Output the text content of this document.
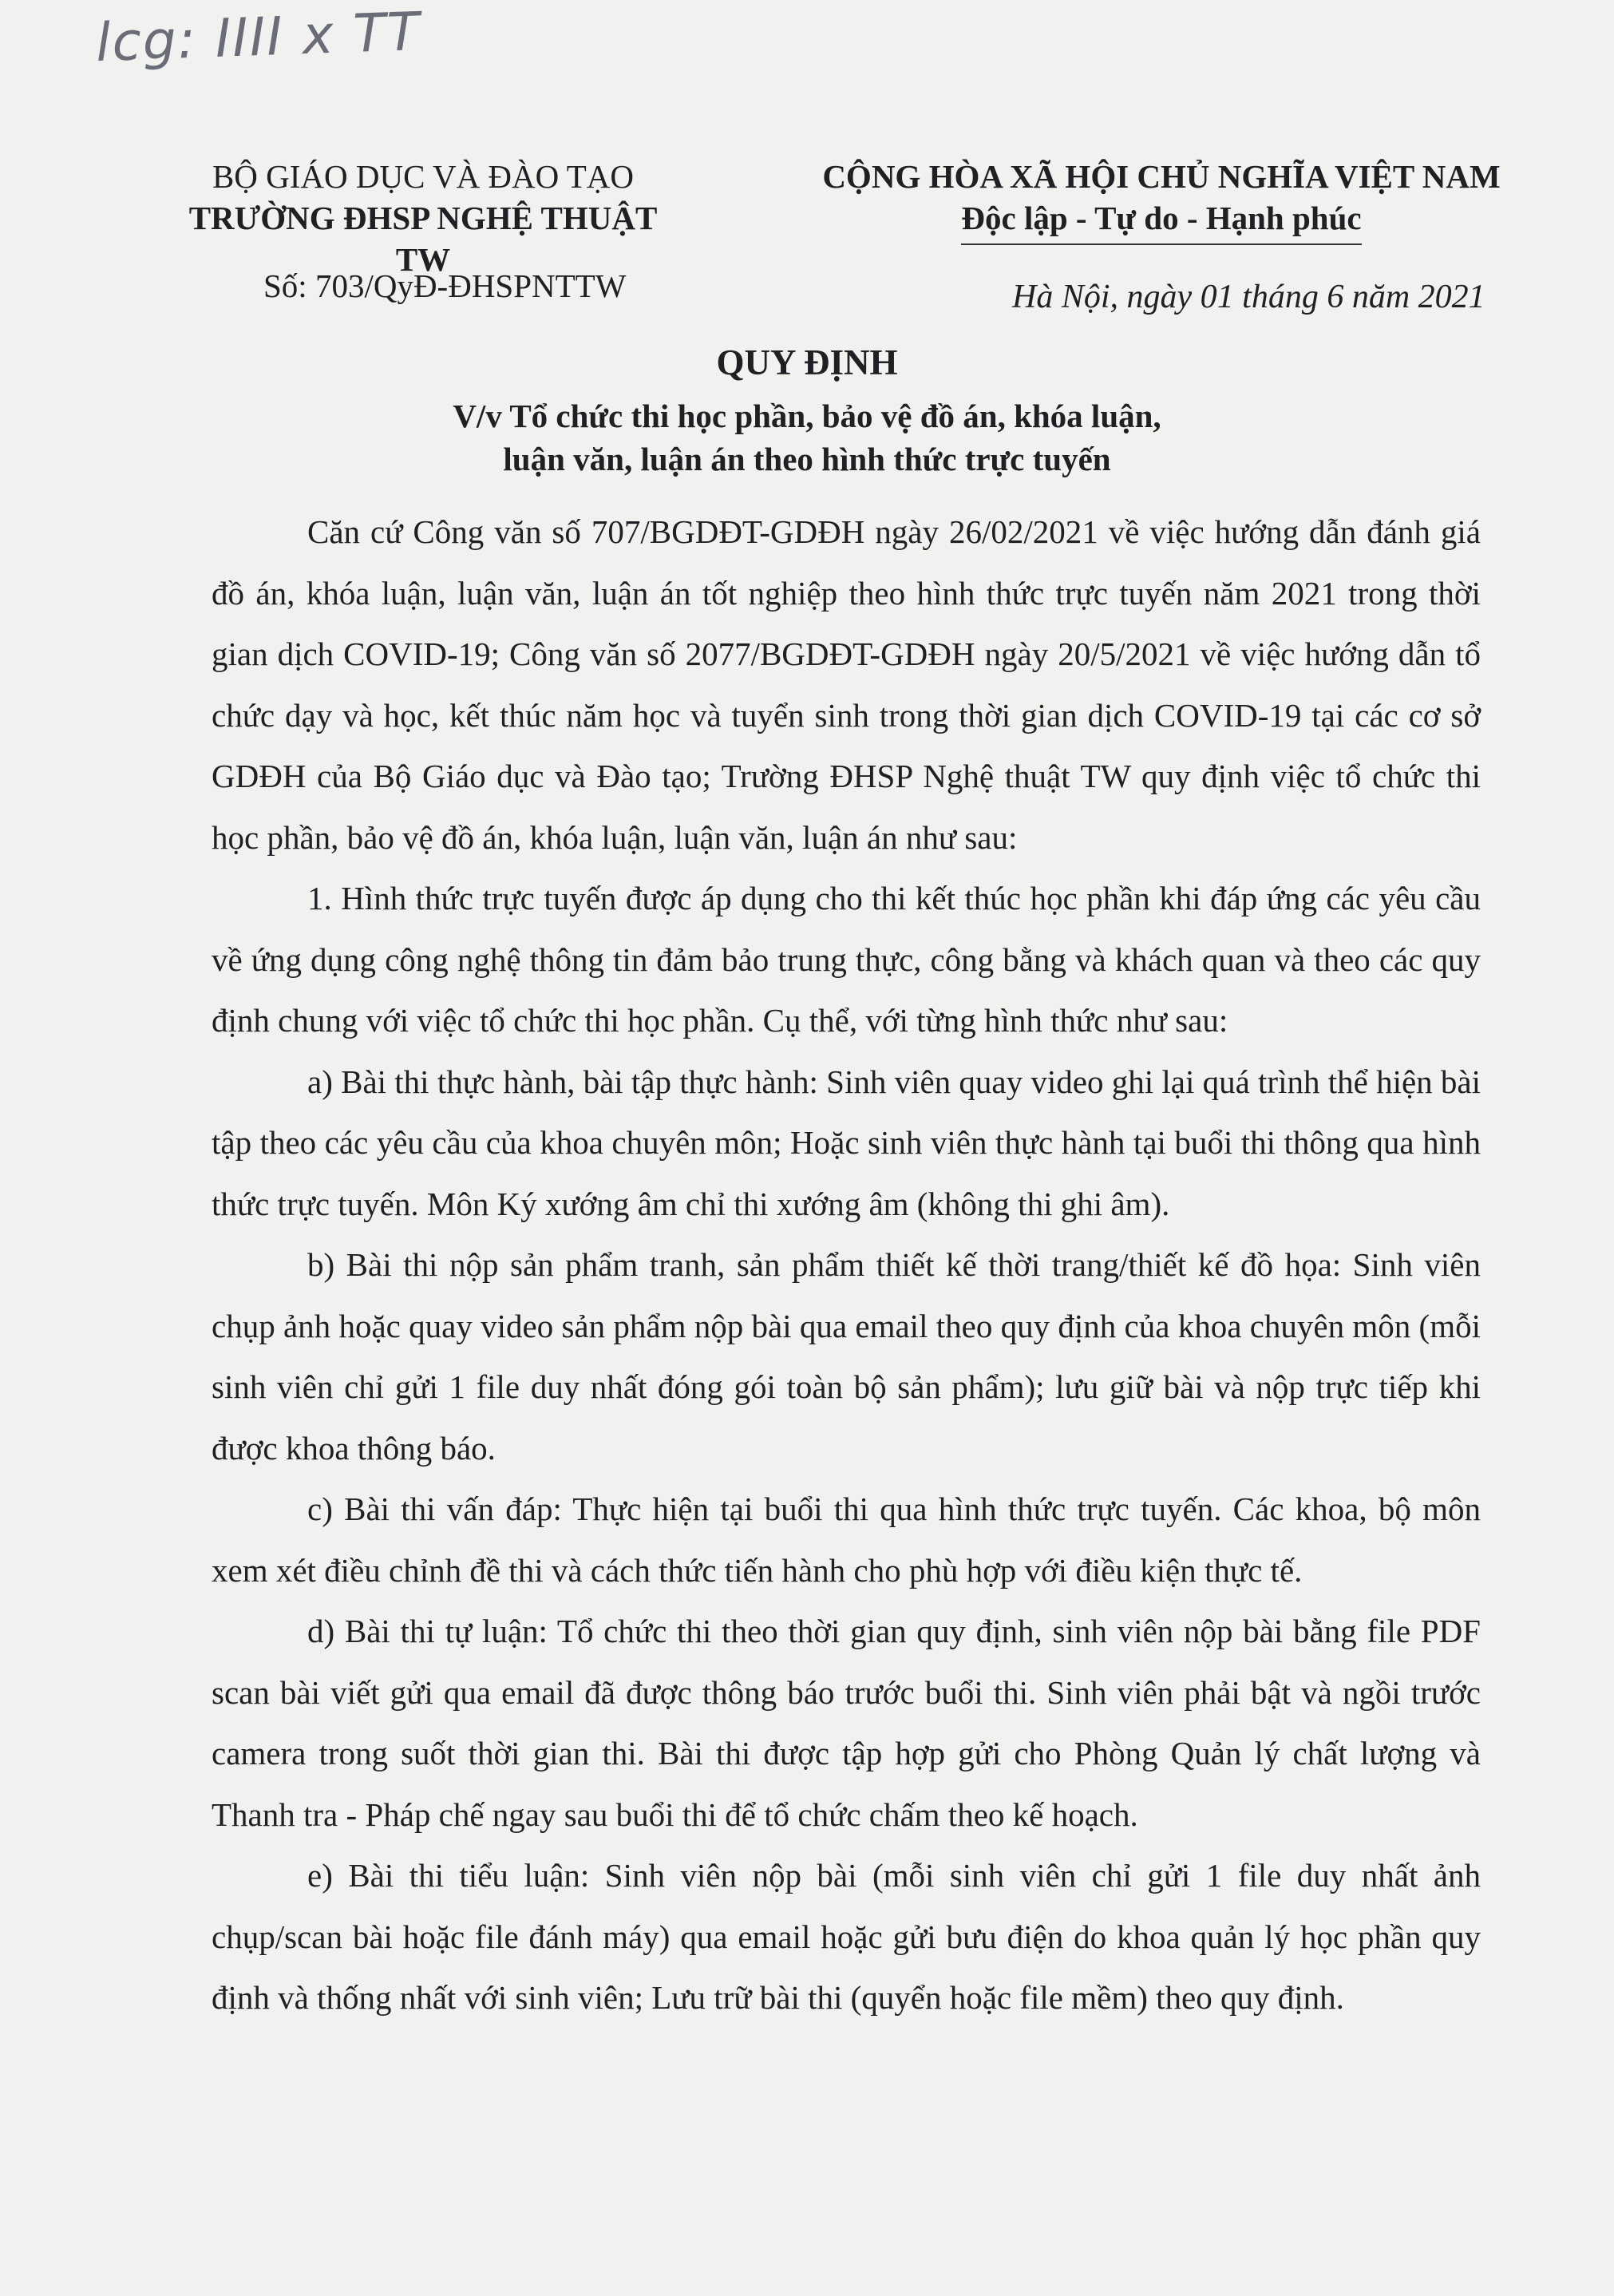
lcg: IIII x TT
BỘ GIÁO DỤC VÀ ĐÀO TẠO
TRƯỜNG ĐHSP NGHỆ THUẬT TW
CỘNG HÒA XÃ HỘI CHỦ NGHĨA VIỆT NAM
Độc lập - Tự do - Hạnh phúc
Số: 703/QyĐ-ĐHSPNTTW	Hà Nội, ngày 01 tháng 6 năm 2021
QUY ĐỊNH
V/v Tổ chức thi học phần, bảo vệ đồ án, khóa luận,
luận văn, luận án theo hình thức trực tuyến

Căn cứ Công văn số 707/BGDĐT-GDĐH ngày 26/02/2021 về việc hướng dẫn đánh giá đồ án, khóa luận, luận văn, luận án tốt nghiệp theo hình thức trực tuyến năm 2021 trong thời gian dịch COVID-19; Công văn số 2077/BGDĐT-GDĐH ngày 20/5/2021 về việc hướng dẫn tổ chức dạy và học, kết thúc năm học và tuyển sinh trong thời gian dịch COVID-19 tại các cơ sở GDĐH của Bộ Giáo dục và Đào tạo; Trường ĐHSP Nghệ thuật TW quy định việc tổ chức thi học phần, bảo vệ đồ án, khóa luận, luận văn, luận án như sau:

1. Hình thức trực tuyến được áp dụng cho thi kết thúc học phần khi đáp ứng các yêu cầu về ứng dụng công nghệ thông tin đảm bảo trung thực, công bằng và khách quan và theo các quy định chung với việc tổ chức thi học phần. Cụ thể, với từng hình thức như sau:

a) Bài thi thực hành, bài tập thực hành: Sinh viên quay video ghi lại quá trình thể hiện bài tập theo các yêu cầu của khoa chuyên môn; Hoặc sinh viên thực hành tại buổi thi thông qua hình thức trực tuyến. Môn Ký xướng âm chỉ thi xướng âm (không thi ghi âm).

b) Bài thi nộp sản phẩm tranh, sản phẩm thiết kế thời trang/thiết kế đồ họa: Sinh viên chụp ảnh hoặc quay video sản phẩm nộp bài qua email theo quy định của khoa chuyên môn (mỗi sinh viên chỉ gửi 1 file duy nhất đóng gói toàn bộ sản phẩm); lưu giữ bài và nộp trực tiếp khi được khoa thông báo.

c) Bài thi vấn đáp: Thực hiện tại buổi thi qua hình thức trực tuyến. Các khoa, bộ môn xem xét điều chỉnh đề thi và cách thức tiến hành cho phù hợp với điều kiện thực tế.

d) Bài thi tự luận: Tổ chức thi theo thời gian quy định, sinh viên nộp bài bằng file PDF scan bài viết gửi qua email đã được thông báo trước buổi thi. Sinh viên phải bật và ngồi trước camera trong suốt thời gian thi. Bài thi được tập hợp gửi cho Phòng Quản lý chất lượng và Thanh tra - Pháp chế ngay sau buổi thi để tổ chức chấm theo kế hoạch.

e) Bài thi tiểu luận: Sinh viên nộp bài (mỗi sinh viên chỉ gửi 1 file duy nhất ảnh chụp/scan bài hoặc file đánh máy) qua email hoặc gửi bưu điện do khoa quản lý học phần quy định và thống nhất với sinh viên; Lưu trữ bài thi (quyển hoặc file mềm) theo quy định.
